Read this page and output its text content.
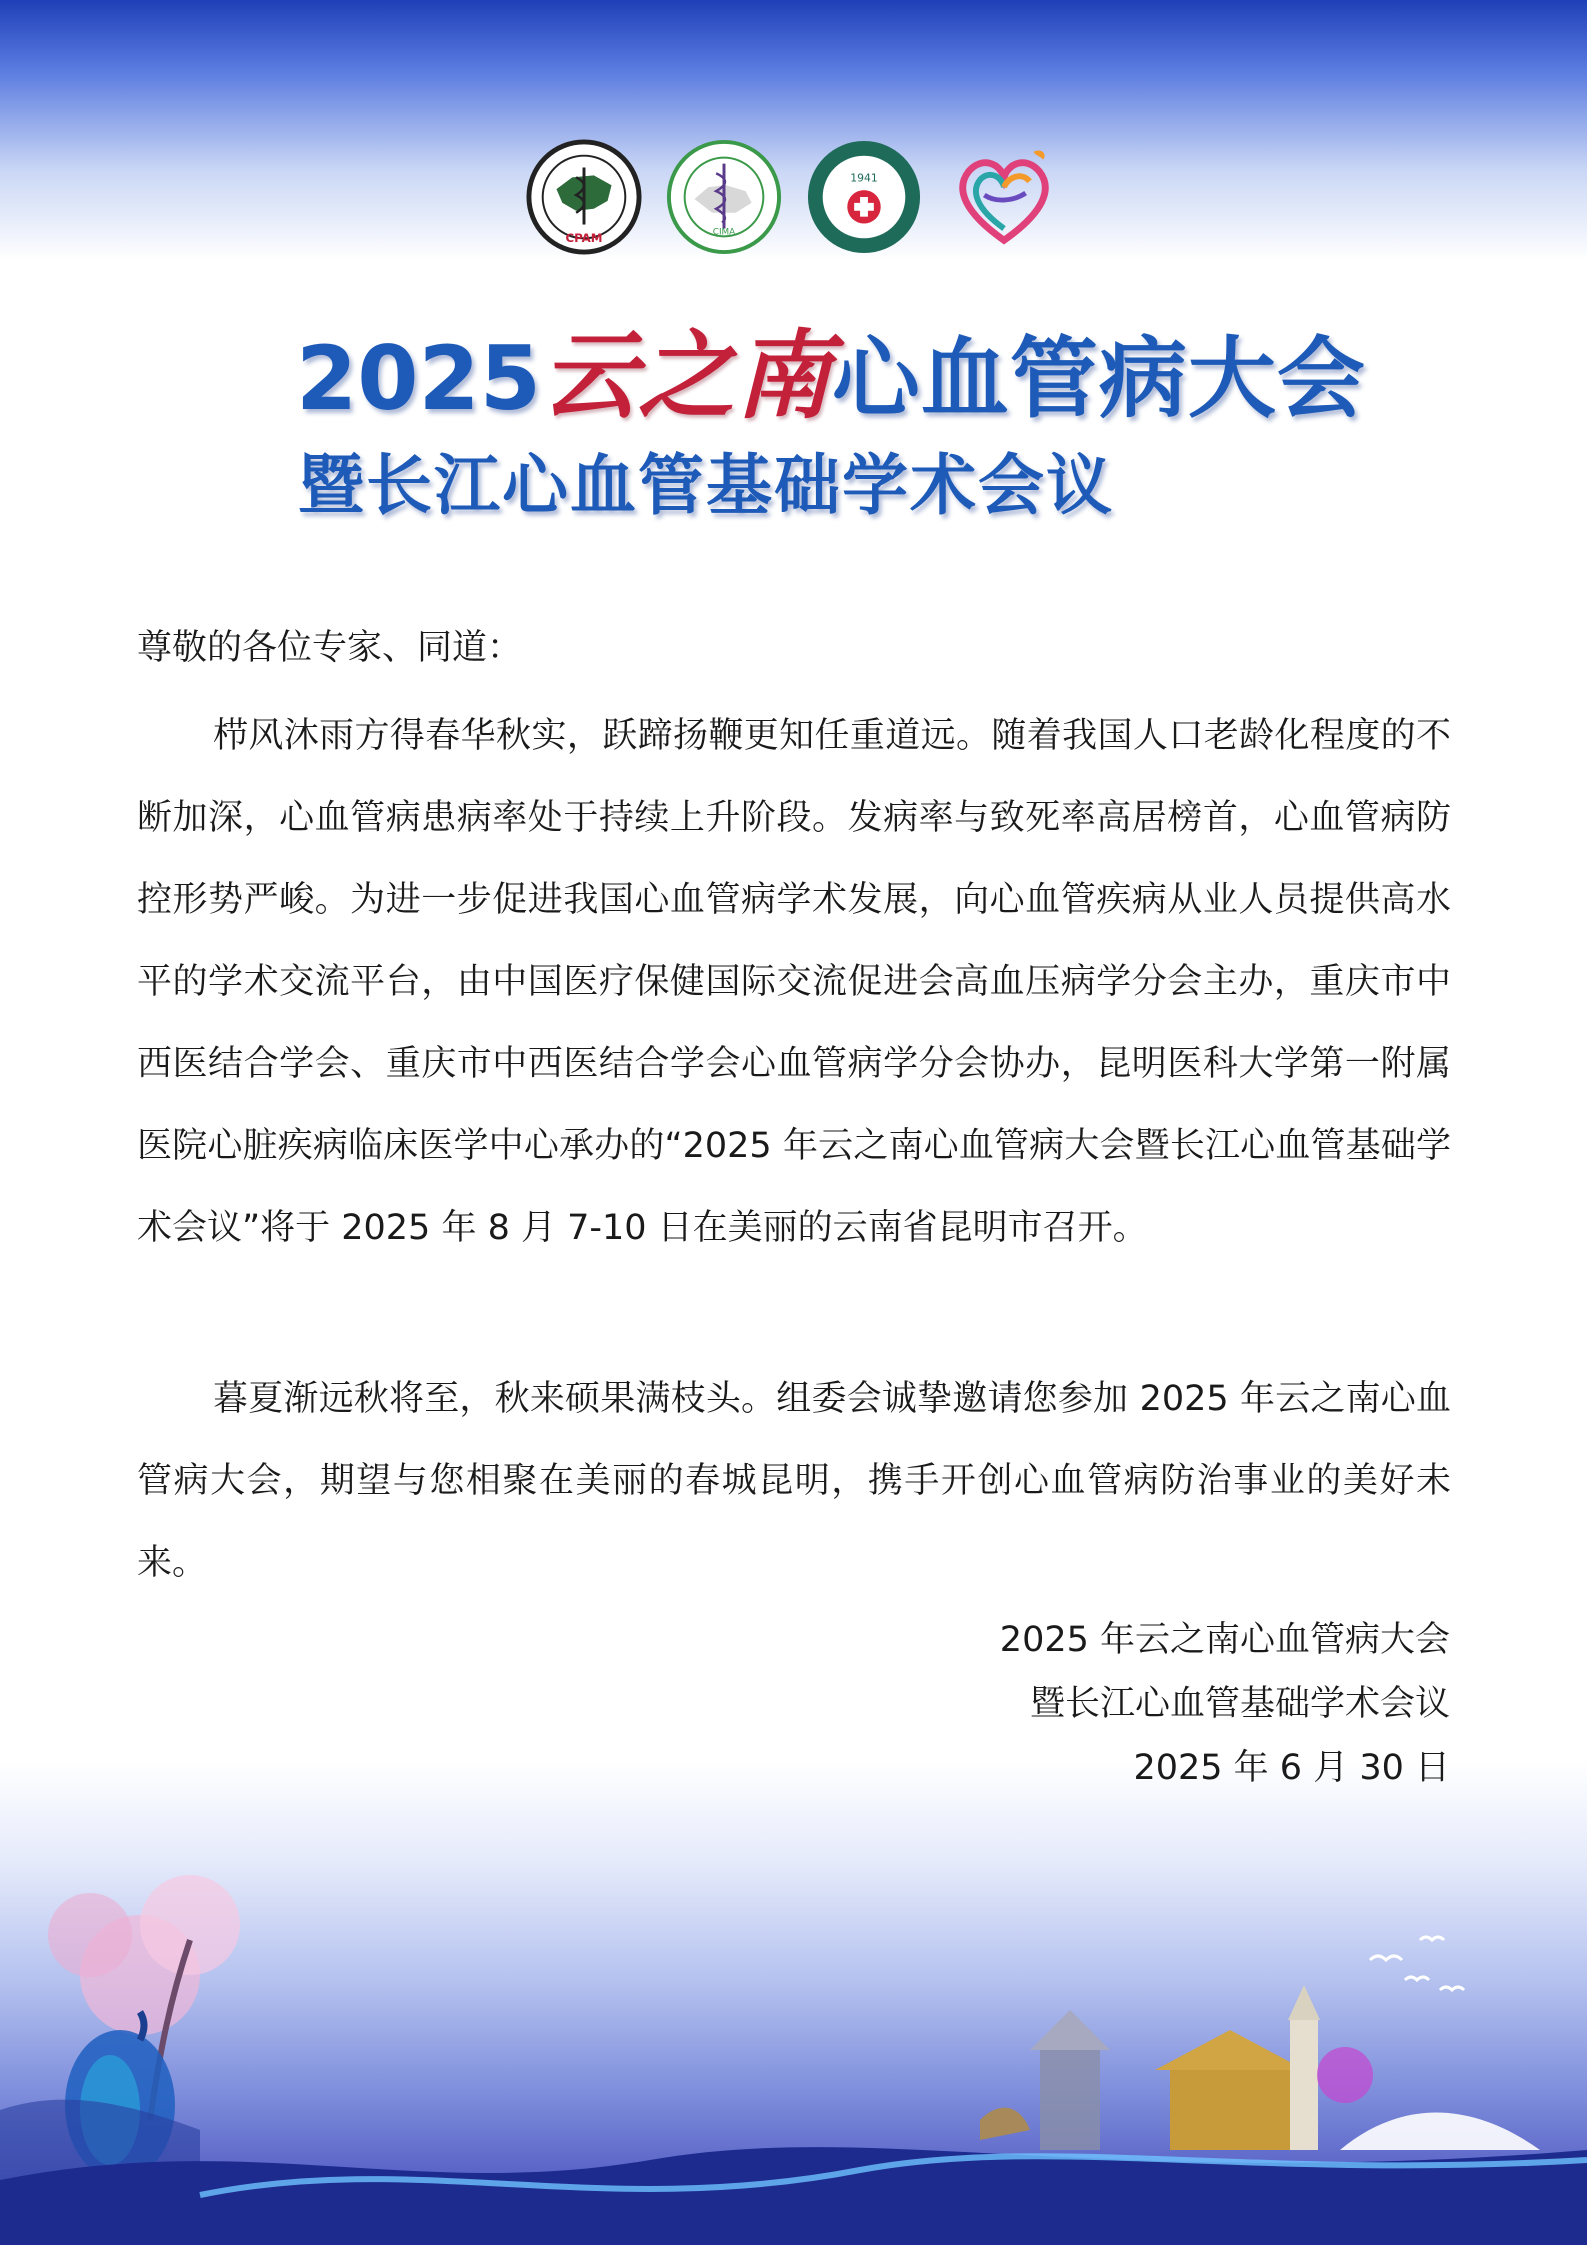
CPAM	CIMA
1941
2025云之南心血管病大会
暨长江心血管基础学术会议
尊敬的各位专家、同道：

栉风沐雨方得春华秋实，跃蹄扬鞭更知任重道远。随着我国人口老龄化程度的不断加深，心血管病患病率处于持续上升阶段。发病率与致死率高居榜首，心血管病防控形势严峻。为进一步促进我国心血管病学术发展，向心血管疾病从业人员提供高水平的学术交流平台，由中国医疗保健国际交流促进会高血压病学分会主办，重庆市中西医结合学会、重庆市中西医结合学会心血管病学分会协办，昆明医科大学第一附属医院心脏疾病临床医学中心承办的“2025 年云之南心血管病大会暨长江心血管基础学术会议”将于 2025 年 8 月 7-10 日在美丽的云南省昆明市召开。

暮夏渐远秋将至，秋来硕果满枝头。组委会诚挚邀请您参加 2025 年云之南心血管病大会，期望与您相聚在美丽的春城昆明，携手开创心血管病防治事业的美好未来。

2025 年云之南心血管病大会
暨长江心血管基础学术会议
2025 年 6 月 30 日
